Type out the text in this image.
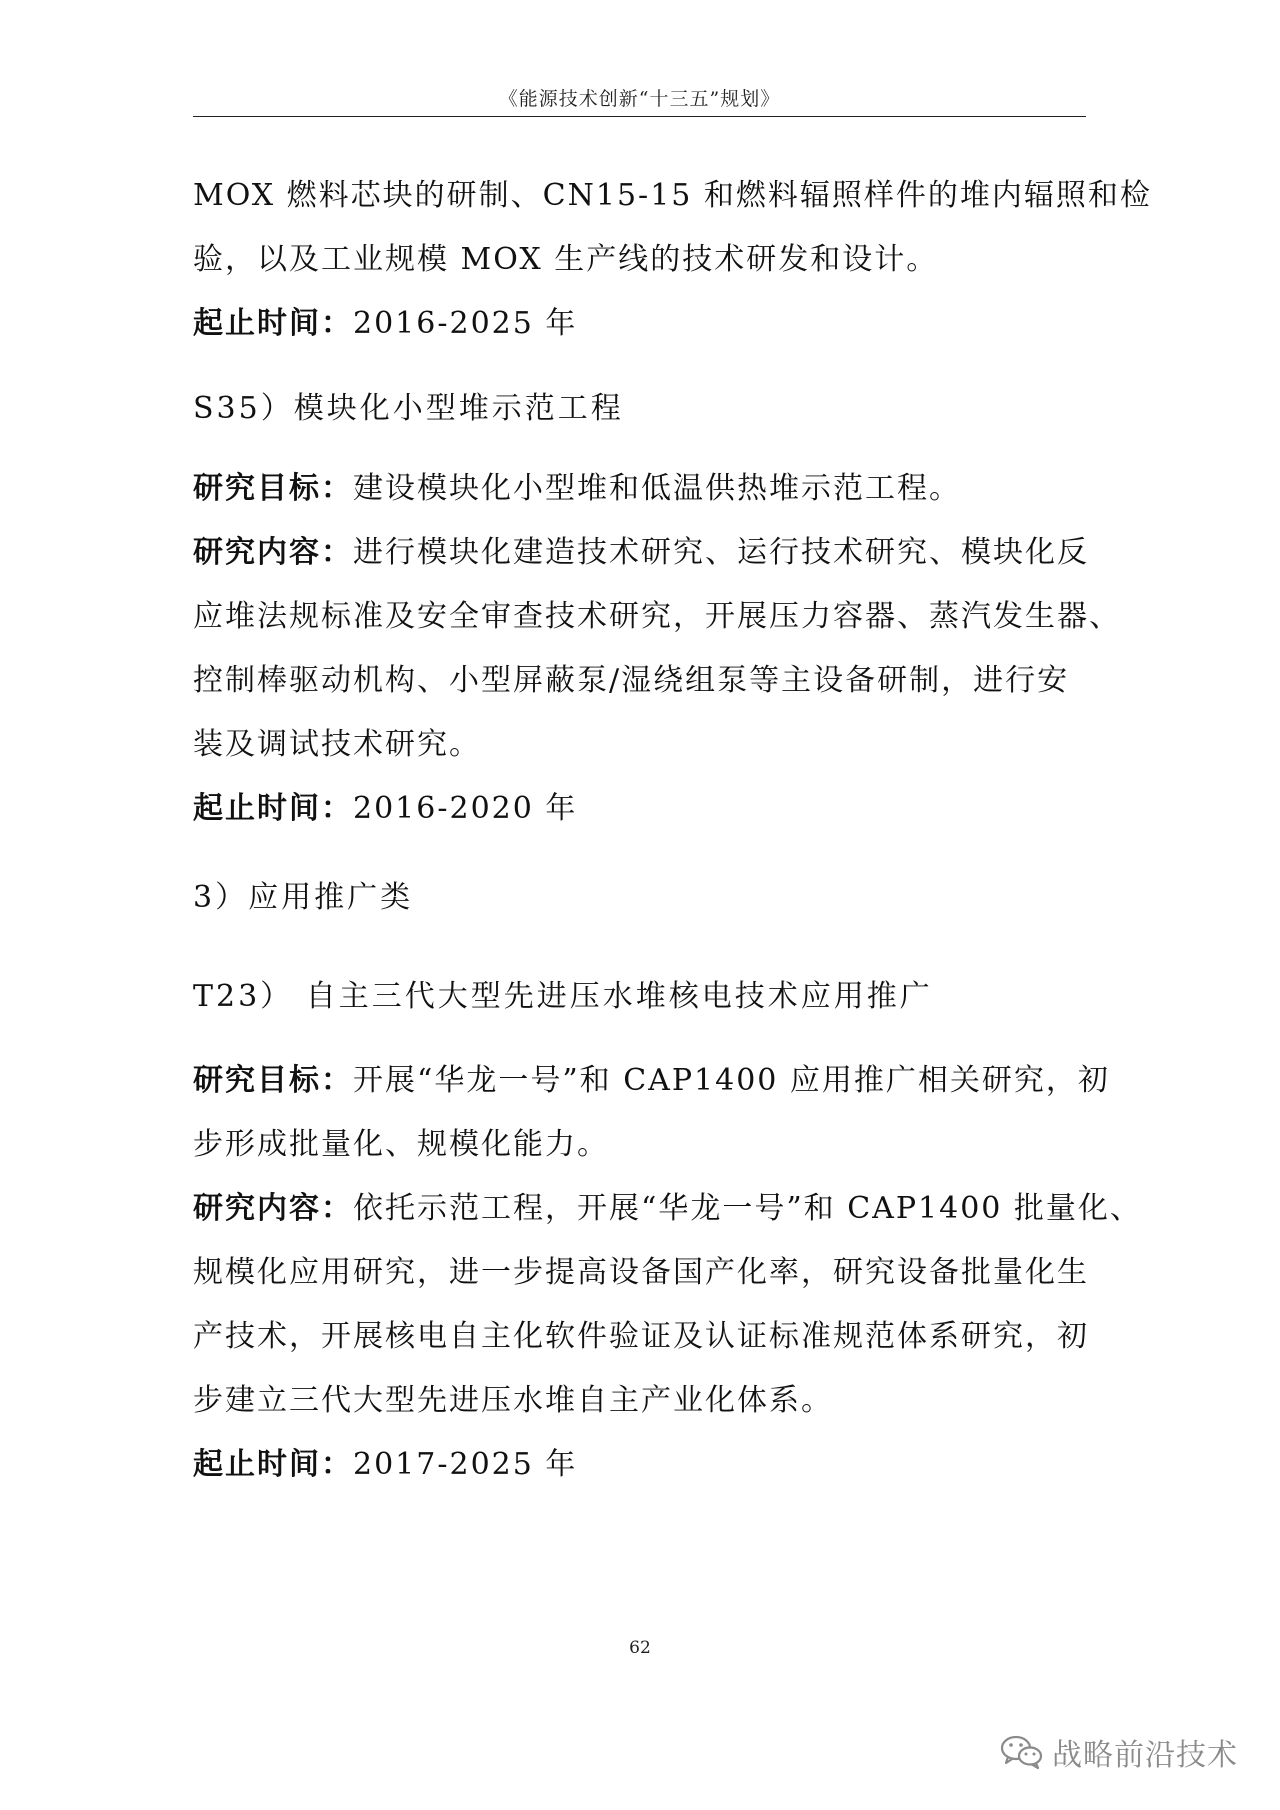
《能源技术创新“十三五”规划》
MOX 燃料芯块的研制、CN15-15 和燃料辐照样件的堆内辐照和检
验，以及工业规模 MOX 生产线的技术研发和设计。
起止时间：2016-2025 年
S35）模块化小型堆示范工程
研究目标：建设模块化小型堆和低温供热堆示范工程。
研究内容：进行模块化建造技术研究、运行技术研究、模块化反
应堆法规标准及安全审查技术研究，开展压力容器、蒸汽发生器、
控制棒驱动机构、小型屏蔽泵/湿绕组泵等主设备研制，进行安
装及调试技术研究。
起止时间：2016-2020 年
3）应用推广类
T23） 自主三代大型先进压水堆核电技术应用推广
研究目标：开展“华龙一号”和 CAP1400 应用推广相关研究，初
步形成批量化、规模化能力。
研究内容：依托示范工程，开展“华龙一号”和 CAP1400 批量化、
规模化应用研究，进一步提高设备国产化率，研究设备批量化生
产技术，开展核电自主化软件验证及认证标准规范体系研究，初
步建立三代大型先进压水堆自主产业化体系。
起止时间：2017-2025 年
62
战略前沿技术
